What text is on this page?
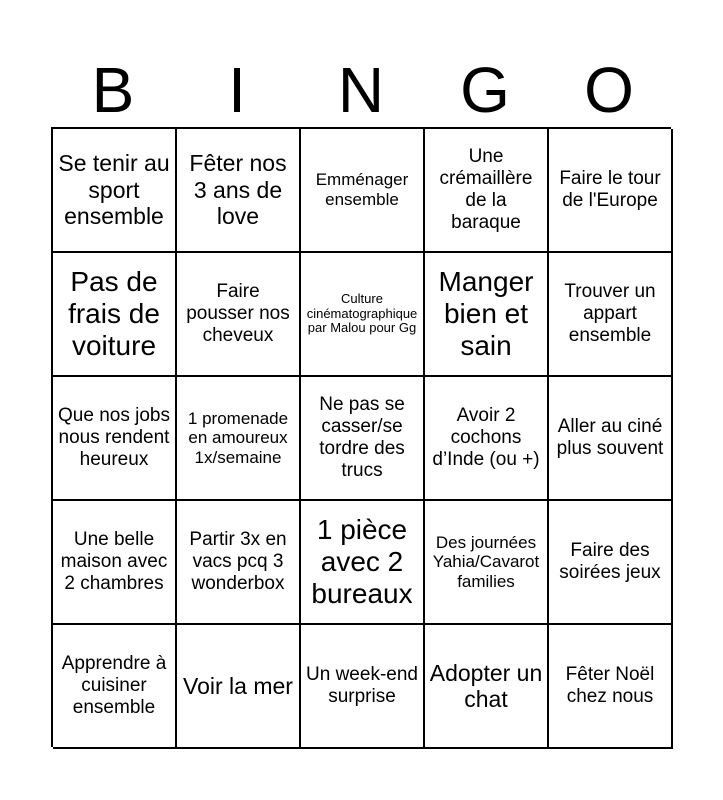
B	I	N	G	O
Se tenir au sport ensemble
Fêter nos 3 ans de love
Emménager ensemble
Une crémaillère de la baraque
Faire le tour de l'Europe
Pas de frais de voiture
Faire pousser nos cheveux
Culture cinématographique par Malou pour Gg
Manger bien et sain
Trouver un appart ensemble
Que nos jobs nous rendent heureux
1 promenade en amoureux 1x/semaine
Ne pas se casser/se tordre des trucs
Avoir 2 cochons d’Inde (ou +)
Aller au ciné plus souvent
Une belle maison avec 2 chambres
Partir 3x en vacs pcq 3 wonderbox
1 pièce avec 2 bureaux
Des journées Yahia/Cavarot families
Faire des soirées jeux
Apprendre à cuisiner ensemble
Voir la mer Un week-end surprise
Adopter un chat
Fêter Noël chez nous
